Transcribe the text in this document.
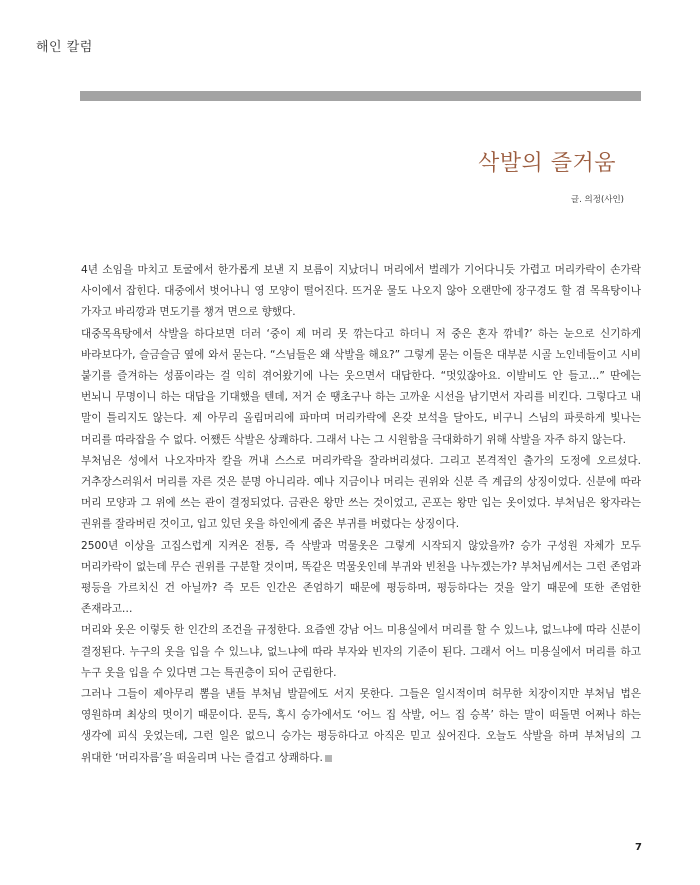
해인 칼럼
삭발의 즐거움
글. 의정(사인)

4년 소임을 마치고 토굴에서 한가롭게 보낸 지 보름이 지났더니 머리에서 벌레가 기어다니듯 가렵고 머리카락이 손가락 사이에서 잡힌다. 대중에서 벗어나니 영 모양이 떨어진다. 뜨거운 물도 나오지 않아 오랜만에 장구경도 할 겸 목욕탕이나 가자고 바리깡과 면도기를 챙겨 면으로 향했다.

대중목욕탕에서 삭발을 하다보면 더러 ‘중이 제 머리 못 깎는다고 하더니 저 중은 혼자 깎네?’ 하는 눈으로 신기하게 바라보다가, 슬금슬금 옆에 와서 묻는다. “스님들은 왜 삭발을 해요?” 그렇게 묻는 이들은 대부분 시골 노인네들이고 시비 붙기를 즐겨하는 성품이라는 걸 익히 겪어왔기에 나는 웃으면서 대답한다. “멋있잖아요. 이발비도 안 들고…” 딴에는 번뇌니 무명이니 하는 대답을 기대했을 텐데, 저거 순 땡초구나 하는 고까운 시선을 남기면서 자리를 비킨다. 그렇다고 내 말이 틀리지도 않는다. 제 아무리 올림머리에 파마며 머리카락에 온갖 보석을 달아도, 비구니 스님의 파릇하게 빛나는 머리를 따라잡을 수 없다. 어쨌든 삭발은 상쾌하다. 그래서 나는 그 시원함을 극대화하기 위해 삭발을 자주 하지 않는다.

부처님은 성에서 나오자마자 칼을 꺼내 스스로 머리카락을 잘라버리셨다. 그리고 본격적인 출가의 도정에 오르셨다. 거추장스러워서 머리를 자른 것은 분명 아니리라. 예나 지금이나 머리는 권위와 신분 즉 계급의 상징이었다. 신분에 따라 머리 모양과 그 위에 쓰는 관이 결정되었다. 금관은 왕만 쓰는 것이었고, 곤포는 왕만 입는 옷이었다. 부처님은 왕자라는 권위를 잘라버린 것이고, 입고 있던 옷을 하인에게 줌은 부귀를 버렸다는 상징이다.

2500년 이상을 고집스럽게 지켜온 전통, 즉 삭발과 먹물옷은 그렇게 시작되지 않았을까? 승가 구성원 자체가 모두 머리카락이 없는데 무슨 권위를 구분할 것이며, 똑같은 먹물옷인데 부귀와 빈천을 나누겠는가? 부처님께서는 그런 존엄과 평등을 가르치신 건 아닐까? 즉 모든 인간은 존엄하기 때문에 평등하며, 평등하다는 것을 알기 때문에 또한 존엄한 존재라고…

머리와 옷은 이렇듯 한 인간의 조건을 규정한다. 요즘엔 강남 어느 미용실에서 머리를 할 수 있느냐, 없느냐에 따라 신분이 결정된다. 누구의 옷을 입을 수 있느냐, 없느냐에 따라 부자와 빈자의 기준이 된다. 그래서 어느 미용실에서 머리를 하고 누구 옷을 입을 수 있다면 그는 특권층이 되어 군림한다.

그러나 그들이 제아무리 뽐을 낸들 부처님 발끝에도 서지 못한다. 그들은 일시적이며 허무한 치장이지만 부처님 법은 영원하며 최상의 멋이기 때문이다. 문득, 혹시 승가에서도 ‘어느 집 삭발, 어느 집 승복’ 하는 말이 떠돌면 어쩌나 하는 생각에 피식 웃었는데, 그런 일은 없으니 승가는 평등하다고 아직은 믿고 싶어진다. 오늘도 삭발을 하며 부처님의 그 위대한 ‘머리자름’을 떠올리며 나는 즐겁고 상쾌하다.

7
